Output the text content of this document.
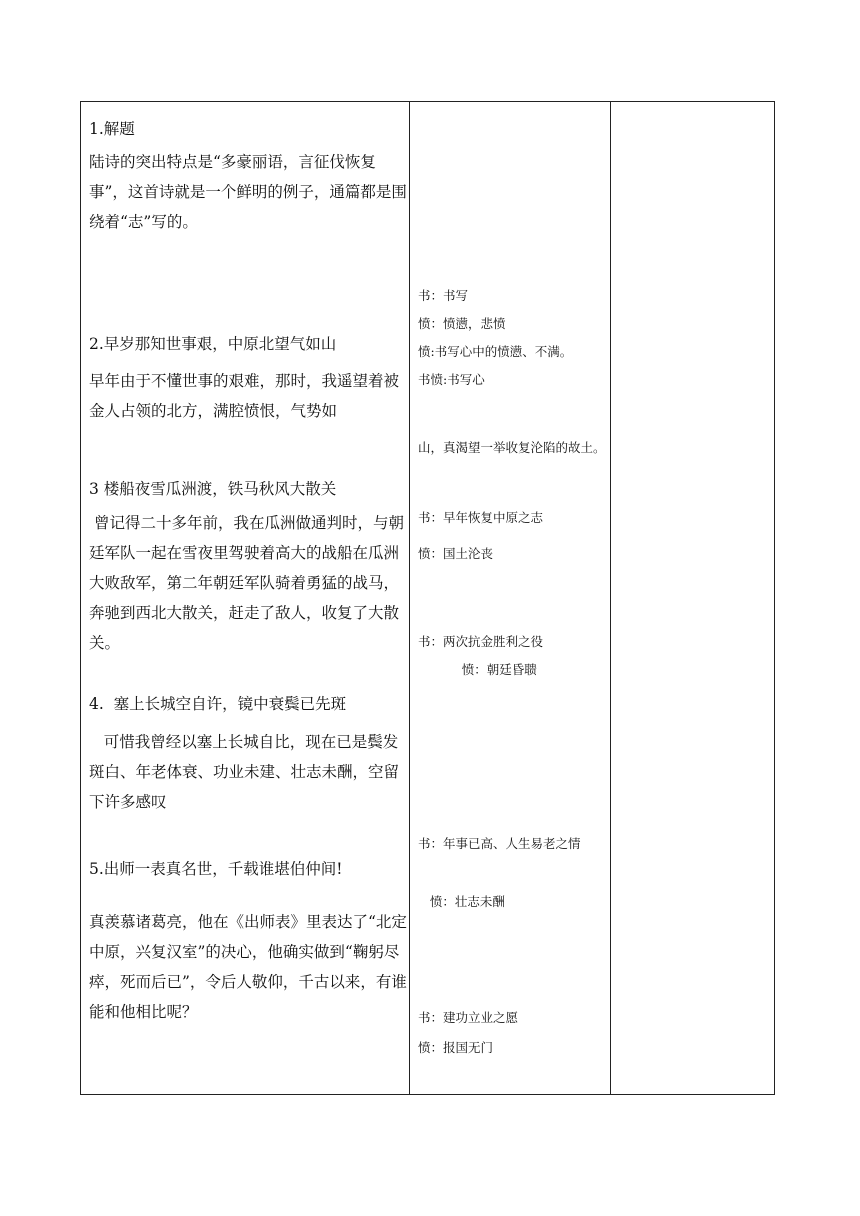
1.解题

陆诗的突出特点是“多豪丽语，言征伐恢复事”，这首诗就是一个鲜明的例子，通篇都是围绕着“志”写的。

2.早岁那知世事艰，中原北望气如山

早年由于不懂世事的艰难，那时，我遥望着被金人占领的北方，满腔愤恨，气势如

3 楼船夜雪瓜洲渡，铁马秋风大散关

曾记得二十多年前，我在瓜洲做通判时，与朝廷军队一起在雪夜里驾驶着高大的战船在瓜洲大败敌军，第二年朝廷军队骑着勇猛的战马，奔驰到西北大散关，赶走了敌人，收复了大散关。

4.  塞上长城空自许，镜中衰鬓已先斑

可惜我曾经以塞上长城自比，现在已是鬓发斑白、年老体衰、功业未建、壮志未酬，空留下许多感叹

5.出师一表真名世，千载谁堪伯仲间!

真羡慕诸葛亮，他在《出师表》里表达了“北定中原，兴复汉室”的决心，他确实做到“鞠躬尽瘁，死而后已”，令后人敬仰，千古以来，有谁能和他相比呢？

书：书写

愤：愤懑，悲愤

愤:书写心中的愤懑、不满。

书愤:书写心

山，真渴望一举收复沦陷的故土。

书：早年恢复中原之志

愤：国土沦丧

书：两次抗金胜利之役

愤：朝廷昏聩

书：年事已高、人生易老之情

愤：壮志未酬

书：建功立业之愿

愤：报国无门
